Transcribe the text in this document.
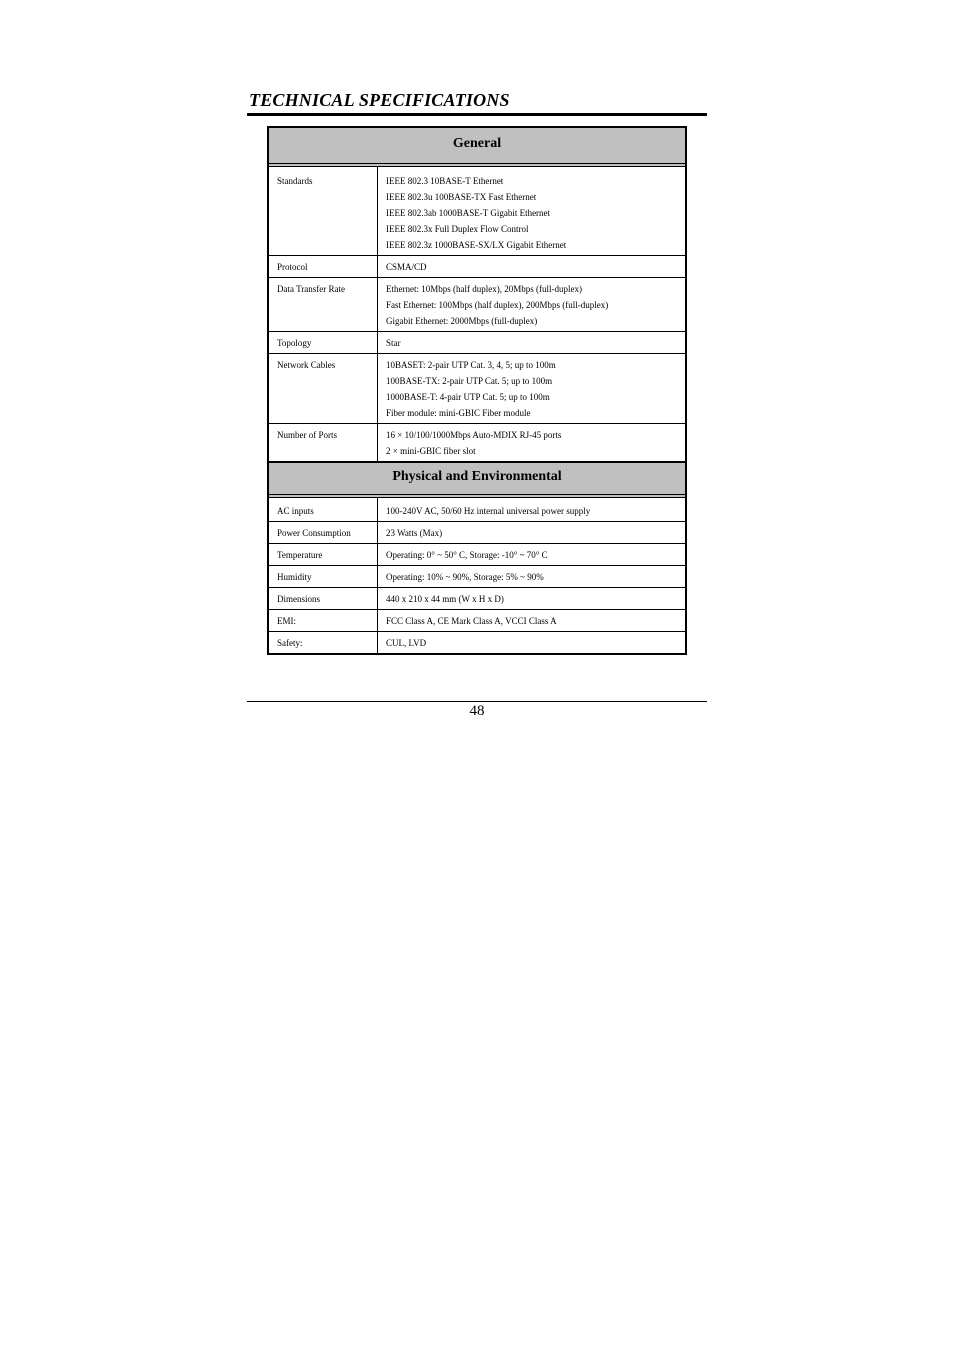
TECHNICAL SPECIFICATIONS
General
Standards	IEEE 802.3 10BASE-T Ethernet
IEEE 802.3u 100BASE-TX Fast Ethernet
IEEE 802.3ab 1000BASE-T Gigabit Ethernet
IEEE 802.3x Full Duplex Flow Control
IEEE 802.3z 1000BASE-SX/LX Gigabit Ethernet

Protocol	CSMA/CD

Data Transfer Rate	Ethernet: 10Mbps (half duplex), 20Mbps (full-duplex)
Fast Ethernet: 100Mbps (half duplex), 200Mbps (full-duplex)
Gigabit Ethernet: 2000Mbps (full-duplex)

Topology	Star

Network Cables	10BASET: 2-pair UTP Cat. 3, 4, 5; up to 100m
100BASE-TX: 2-pair UTP Cat. 5; up to 100m
1000BASE-T: 4-pair UTP Cat. 5; up to 100m
Fiber module: mini-GBIC Fiber module

Number of Ports	16 × 10/100/1000Mbps Auto-MDIX RJ-45 ports
2 × mini-GBIC fiber slot
Physical and Environmental
AC inputs	100-240V AC, 50/60 Hz internal universal power supply

Power Consumption	23 Watts (Max)

Temperature	Operating: 0° ~ 50° C, Storage: -10° ~ 70° C

Humidity	Operating: 10% ~ 90%, Storage: 5% ~ 90%

Dimensions	440 x 210 x 44 mm (W x H x D)

EMI:	FCC Class A, CE Mark Class A, VCCI Class A

Safety:	CUL, LVD
48
